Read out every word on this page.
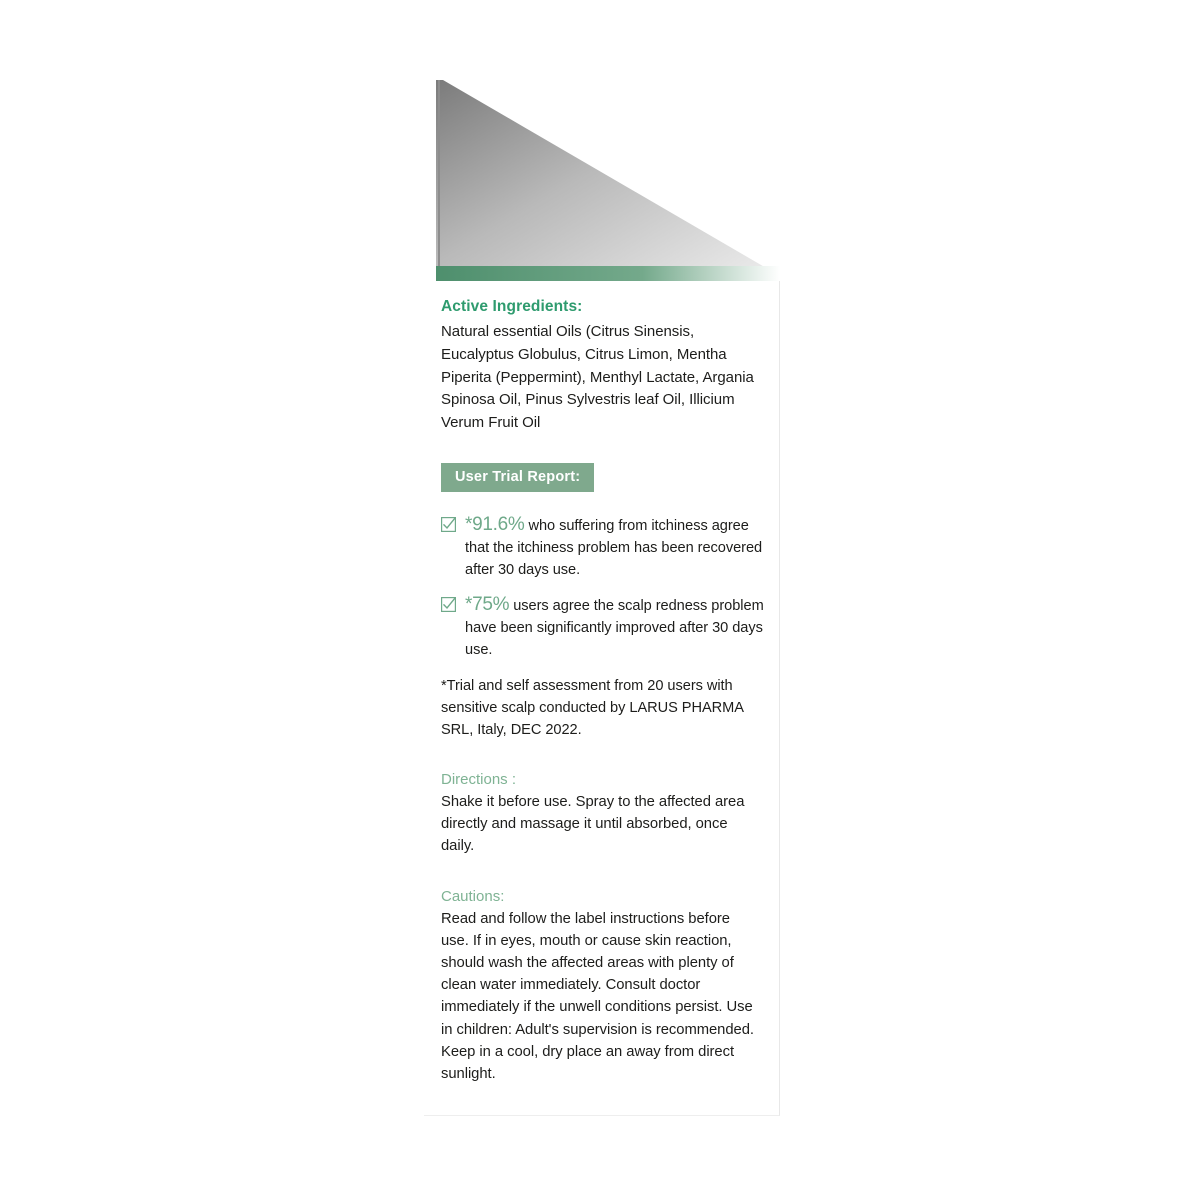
Active Ingredients:

Natural essential Oils (Citrus Sinensis, Eucalyptus Globulus, Citrus Limon, Mentha Piperita (Peppermint), Menthyl Lactate, Argania Spinosa Oil, Pinus Sylvestris leaf Oil, Illicium Verum Fruit Oil

User Trial Report:
*91.6% who suffering from itchiness agree that the itchiness problem has been recovered after 30 days use.
*75% users agree the scalp redness problem have been significantly improved after 30 days use.

*Trial and self assessment from 20 users with sensitive scalp conducted by LARUS PHARMA SRL, Italy, DEC 2022.

Directions :

Shake it before use. Spray to the affected area directly and massage it until absorbed, once daily.

Cautions:

Read and follow the label instructions before use. If in eyes, mouth or cause skin reaction, should wash the affected areas with plenty of clean water immediately. Consult doctor immediately if the unwell conditions persist. Use in children: Adult's supervision is recommended. Keep in a cool, dry place an away from direct sunlight.
